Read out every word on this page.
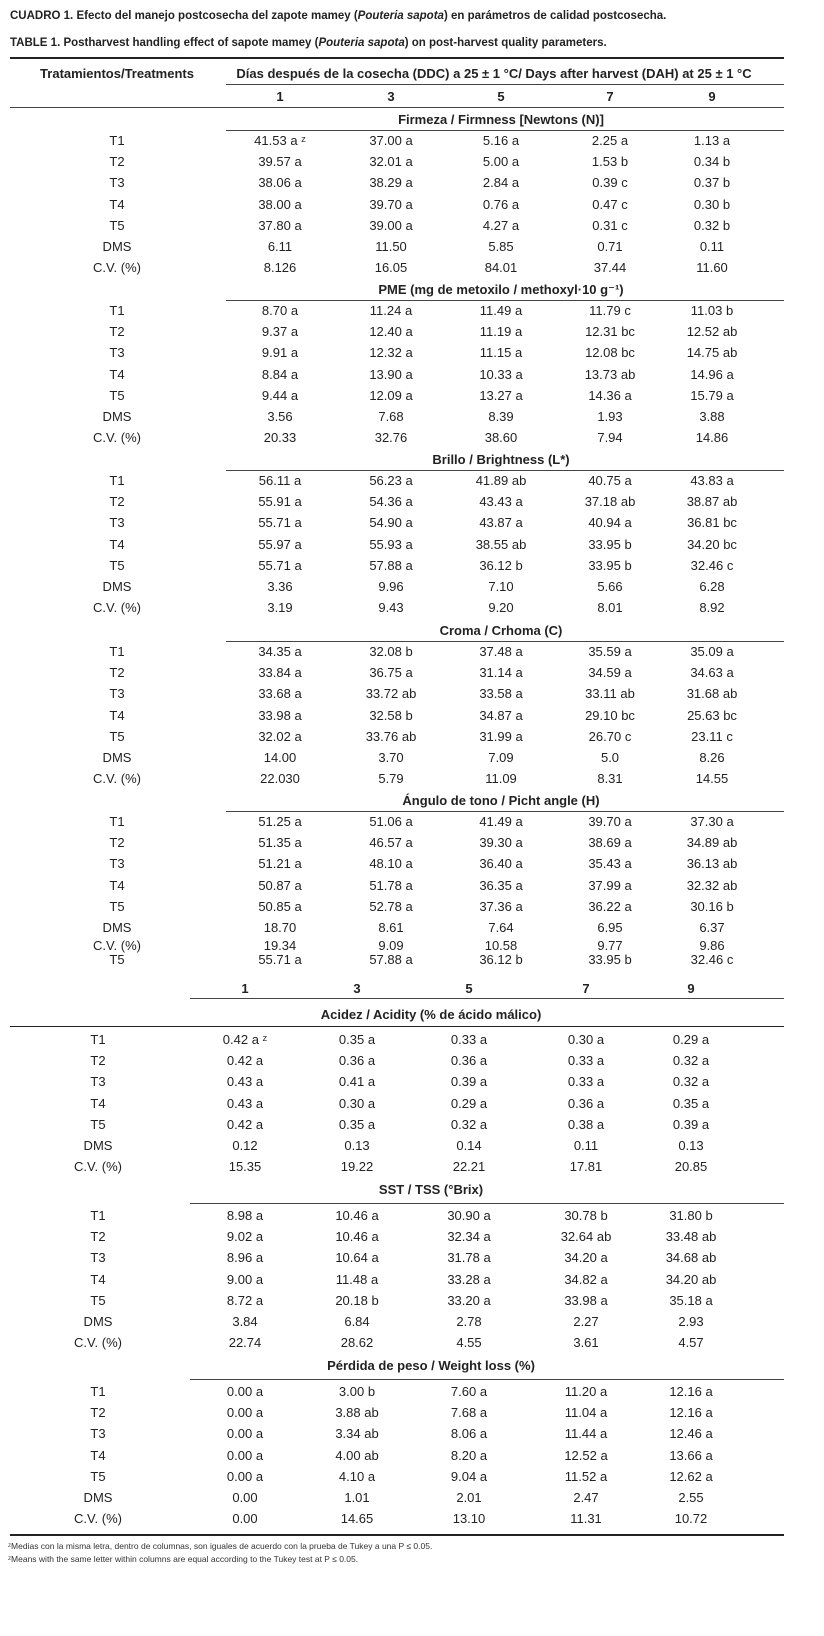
CUADRO 1. Efecto del manejo postcosecha del zapote mamey (Pouteria sapota) en parámetros de calidad postcosecha.
TABLE 1. Postharvest handling effect of sapote mamey (Pouteria sapota) on post-harvest quality parameters.
Tratamientos/Treatments	Días después de la cosecha (DDC) a 25 ± 1 °C/ Days after harvest (DAH) at 25 ± 1 °C
1	3	5	7	9
Firmeza / Firmness [Newtons (N)]
T1	41.53 a ᶻ	37.00 a	5.16 a	2.25 a	1.13 a
T2	39.57 a	32.01 a	5.00 a	1.53 b	0.34 b
T3	38.06 a	38.29 a	2.84 a	0.39 c	0.37 b
T4	38.00 a	39.70 a	0.76 a	0.47 c	0.30 b
T5	37.80 a	39.00 a	4.27 a	0.31 c	0.32 b
DMS	6.11	11.50	5.85	0.71	0.11
C.V. (%)	8.126	16.05	84.01	37.44	11.60
PME (mg de metoxilo / methoxyl·10 g⁻¹)
T1	8.70 a	11.24 a	11.49 a	11.79 c	11.03 b
T2	9.37 a	12.40 a	11.19 a	12.31 bc	12.52 ab
T3	9.91 a	12.32 a	11.15 a	12.08 bc	14.75 ab
T4	8.84 a	13.90 a	10.33 a	13.73 ab	14.96 a
T5	9.44 a	12.09 a	13.27 a	14.36 a	15.79 a
DMS	3.56	7.68	8.39	1.93	3.88
C.V. (%)	20.33	32.76	38.60	7.94	14.86
Brillo / Brightness (L*)
T1	56.11 a	56.23 a	41.89 ab	40.75 a	43.83 a
T2	55.91 a	54.36 a	43.43 a	37.18 ab	38.87 ab
T3	55.71 a	54.90 a	43.87 a	40.94 a	36.81 bc
T4	55.97 a	55.93 a	38.55 ab	33.95 b	34.20 bc
T5	55.71 a	57.88 a	36.12 b	33.95 b	32.46 c
DMS	3.36	9.96	7.10	5.66	6.28
C.V. (%)	3.19	9.43	9.20	8.01	8.92
Croma / Crhoma (C)
T1	34.35 a	32.08 b	37.48 a	35.59 a	35.09 a
T2	33.84 a	36.75 a	31.14 a	34.59 a	34.63 a
T3	33.68 a	33.72 ab	33.58 a	33.11 ab	31.68 ab
T4	33.98 a	32.58 b	34.87 a	29.10 bc	25.63 bc
T5	32.02 a	33.76 ab	31.99 a	26.70 c	23.11 c
DMS	14.00	3.70	7.09	5.0	8.26
C.V. (%)	22.030	5.79	11.09	8.31	14.55
Ángulo de tono / Picht angle (H)
T1	51.25 a	51.06 a	41.49 a	39.70 a	37.30 a
T2	51.35 a	46.57 a	39.30 a	38.69 a	34.89 ab
T3	51.21 a	48.10 a	36.40 a	35.43 a	36.13 ab
T4	50.87 a	51.78 a	36.35 a	37.99 a	32.32 ab
T5	50.85 a	52.78 a	37.36 a	36.22 a	30.16 b
DMS	18.70	8.61	7.64	6.95	6.37
C.V. (%)	19.34	9.09	10.58	9.77	9.86
T5	55.71 a	57.88 a	36.12 b	33.95 b	32.46 c
1	3	5	7	9
Acidez / Acidity (% de ácido málico)
T1	0.42 a ᶻ	0.35 a	0.33 a	0.30 a	0.29 a
T2	0.42 a	0.36 a	0.36 a	0.33 a	0.32 a
T3	0.43 a	0.41 a	0.39 a	0.33 a	0.32 a
T4	0.43 a	0.30 a	0.29 a	0.36 a	0.35 a
T5	0.42 a	0.35 a	0.32 a	0.38 a	0.39 a
DMS	0.12	0.13	0.14	0.11	0.13
C.V. (%)	15.35	19.22	22.21	17.81	20.85
SST / TSS (°Brix)
T1	8.98 a	10.46 a	30.90 a	30.78 b	31.80 b
T2	9.02 a	10.46 a	32.34 a	32.64 ab	33.48 ab
T3	8.96 a	10.64 a	31.78 a	34.20 a	34.68 ab
T4	9.00 a	11.48 a	33.28 a	34.82 a	34.20 ab
T5	8.72 a	20.18 b	33.20 a	33.98 a	35.18 a
DMS	3.84	6.84	2.78	2.27	2.93
C.V. (%)	22.74	28.62	4.55	3.61	4.57
Pérdida de peso / Weight loss (%)
T1	0.00 a	3.00 b	7.60 a	11.20 a	12.16 a
T2	0.00 a	3.88 ab	7.68 a	11.04 a	12.16 a
T3	0.00 a	3.34 ab	8.06 a	11.44 a	12.46 a
T4	0.00 a	4.00 ab	8.20 a	12.52 a	13.66 a
T5	0.00 a	4.10 a	9.04 a	11.52 a	12.62 a
DMS	0.00	1.01	2.01	2.47	2.55
C.V. (%)	0.00	14.65	13.10	11.31	10.72
ᶻMedias con la misma letra, dentro de columnas, son iguales de acuerdo con la prueba de Tukey a una P ≤ 0.05.
ᶻMeans with the same letter within columns are equal according to the Tukey test at P ≤ 0.05.
